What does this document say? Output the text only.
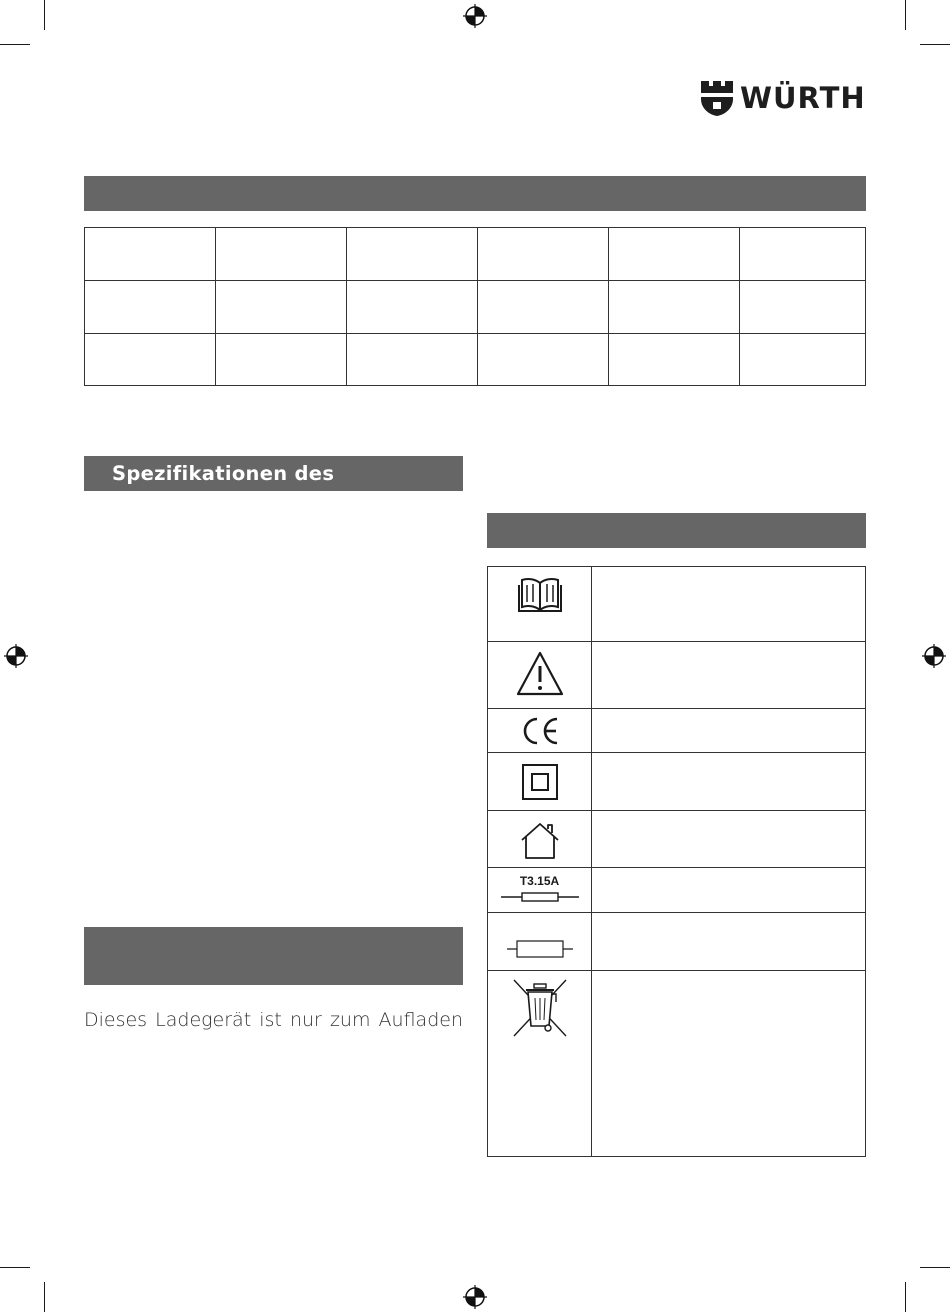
WÜRTH

Spezifikationen des Werkzeugs
Dieses Ladegerät ist nur zum Aufladen

T3.15A	
